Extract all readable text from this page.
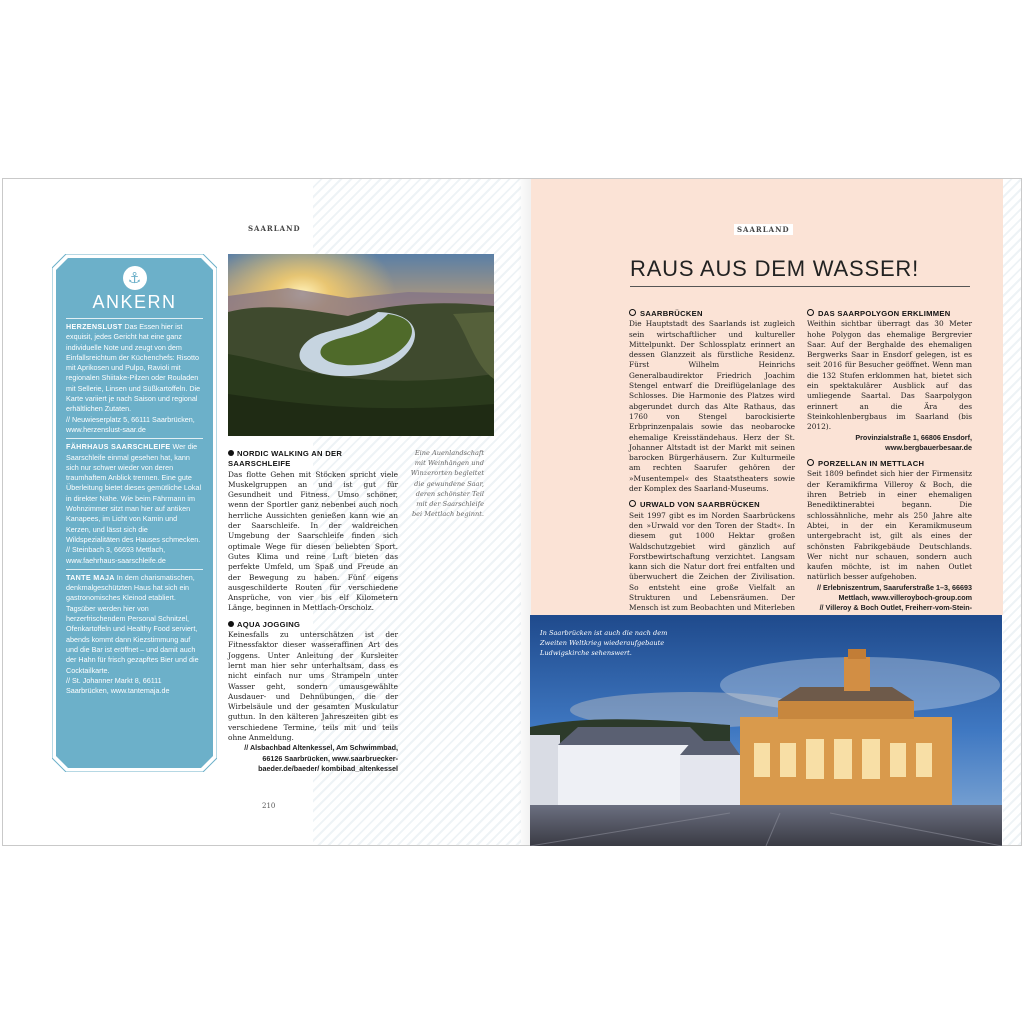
SAARLAND	SAARLAND
⚓
ANKERN
HERZENSLUST Das Essen hier ist exquisit, jedes Gericht hat eine ganz individuelle Note und zeugt von dem Einfallsreichtum der Küchenchefs: Risotto mit Aprikosen und Pulpo, Ravioli mit regionalen Shiitake-Pilzen oder Rouladen mit Sellerie, Linsen und Süßkartoffeln. Die Karte variiert je nach Saison und regional erhältlichen Zutaten.
// Neuwieserplatz 5, 66111 Saarbrücken, www.herzenslust-saar.de
FÄHRHAUS SAARSCHLEIFE Wer die Saarschleife einmal gesehen hat, kann sich nur schwer wieder von deren traumhaftem Anblick trennen. Eine gute Überleitung bietet dieses gemütliche Lokal in direkter Nähe. Wie beim Fährmann im Wohnzimmer sitzt man hier auf antiken Kanapees, im Licht von Kamin und Kerzen, und lässt sich die Wildspezialitäten des Hauses schmecken.
// Steinbach 3, 66693 Mettlach, www.faehrhaus-saarschleife.de
TANTE MAJA In dem charismatischen, denkmalgeschützten Haus hat sich ein gastronomisches Kleinod etabliert. Tagsüber werden hier von herzerfrischendem Personal Schnitzel, Ofenkartoffeln und Healthy Food serviert, abends kommt dann Kiezstimmung auf und die Bar ist eröffnet – und damit auch der Hahn für frisch gezapftes Bier und die Cocktailkarte.
// St. Johanner Markt 8, 66111 Saarbrücken, www.tantemaja.de
Eine Auenlandschaft mit Weinhängen und Winzerorten begleitet die gewundene Saar, deren schönster Teil mit der Saarschleife bei Mettlach beginnt.
NORDIC WALKING AN DER SAARSCHLEIFE
Das flotte Gehen mit Stöcken spricht viele Muskelgruppen an und ist gut für Gesundheit und Fitness. Umso schöner, wenn der Sportler ganz nebenbei auch noch herrliche Aussichten genießen kann wie an der Saarschleife. In der waldreichen Umgebung der Saarschleife finden sich optimale Wege für diesen beliebten Sport. Gutes Klima und reine Luft bieten das perfekte Umfeld, um Spaß und Freude an der Bewegung zu haben. Fünf eigens ausgeschilderte Routen für verschiedene Ansprüche, von vier bis elf Kilometern Länge, beginnen in Mettlach-Orscholz.
AQUA JOGGING
Keinesfalls zu unterschätzen ist der Fitnessfaktor dieser wasseraffinen Art des Joggens. Unter Anleitung der Kursleiter lernt man hier sehr unterhaltsam, dass es nicht einfach nur ums Strampeln unter Wasser geht, sondern umausgewählte Ausdauer- und Dehnübungen, die der Wirbelsäule und der gesamten Muskulatur guttun. In den kälteren Jahreszeiten gibt es verschiedene Termine, teils mit und teils ohne Anmeldung.
// Alsbachbad Altenkessel, Am Schwimmbad, 66126 Saarbrücken, www.saarbruecker-baeder.de/baeder/ kombibad_altenkessel
210
RAUS AUS DEM WASSER!
SAARBRÜCKEN
Die Hauptstadt des Saarlands ist zugleich sein wirtschaftlicher und kultureller Mittelpunkt. Der Schlossplatz erinnert an dessen Glanzzeit als fürstliche Residenz. Fürst Wilhelm Heinrichs Generalbaudirektor Friedrich Joachim Stengel entwarf die Dreiflügelanlage des Schlosses. Die Harmonie des Platzes wird abgerundet durch das Alte Rathaus, das 1760 von Stengel barockisierte Erbprinzenpalais sowie das neobarocke ehemalige Kreisständehaus. Herz der St. Johanner Altstadt ist der Markt mit seinen barocken Bürgerhäusern. Zur Kulturmeile am rechten Saarufer gehören der »Musentempel« des Staatstheaters sowie der Komplex des Saarland-Museums.
URWALD VON SAARBRÜCKEN
Seit 1997 gibt es im Norden Saarbrückens den »Urwald vor den Toren der Stadt«. In diesem gut 1000 Hektar großen Waldschutzgebiet wird gänzlich auf Forstbewirtschaftung verzichtet. Langsam kann sich die Natur dort frei entfalten und überwuchert die Zeichen der Zivilisation. So entsteht eine große Vielfalt an Strukturen und Lebensräumen. Der Mensch ist zum Beobachten und Miterleben
DAS SAARPOLYGON ERKLIMMEN
Weithin sichtbar überragt das 30 Meter hohe Polygon das ehemalige Bergrevier Saar. Auf der Berghalde des ehemaligen Bergwerks Saar in Ensdorf gelegen, ist es seit 2016 für Besucher geöffnet. Wenn man die 132 Stufen erklommen hat, bietet sich ein spektakulärer Ausblick auf das umliegende Saartal. Das Saarpolygon erinnert an die Ära des Steinkohlenbergbaus im Saarland (bis 2012).
Provinzialstraße 1, 66806 Ensdorf, www.bergbauerbesaar.de
PORZELLAN IN METTLACH
Seit 1809 befindet sich hier der Firmensitz der Keramikfirma Villeroy & Boch, die ihren Betrieb in einer ehemaligen Benediktinerabtei begann. Die schlossähnliche, mehr als 250 Jahre alte Abtei, in der ein Keramikmuseum untergebracht ist, gilt als eines der schönsten Fabrikgebäude Deutschlands. Wer nicht nur schauen, sondern auch kaufen möchte, ist im nahen Outlet natürlich besser aufgehoben.
// Erlebniszentrum, Saaruferstraße 1–3, 66693 Mettlach, www.villeroyboch-group.com
// Villeroy & Boch Outlet, Freiherr-vom-Stein-
In Saarbrücken ist auch die nach dem Zweiten Weltkrieg wiederaufgebaute Ludwigskirche sehenswert.
